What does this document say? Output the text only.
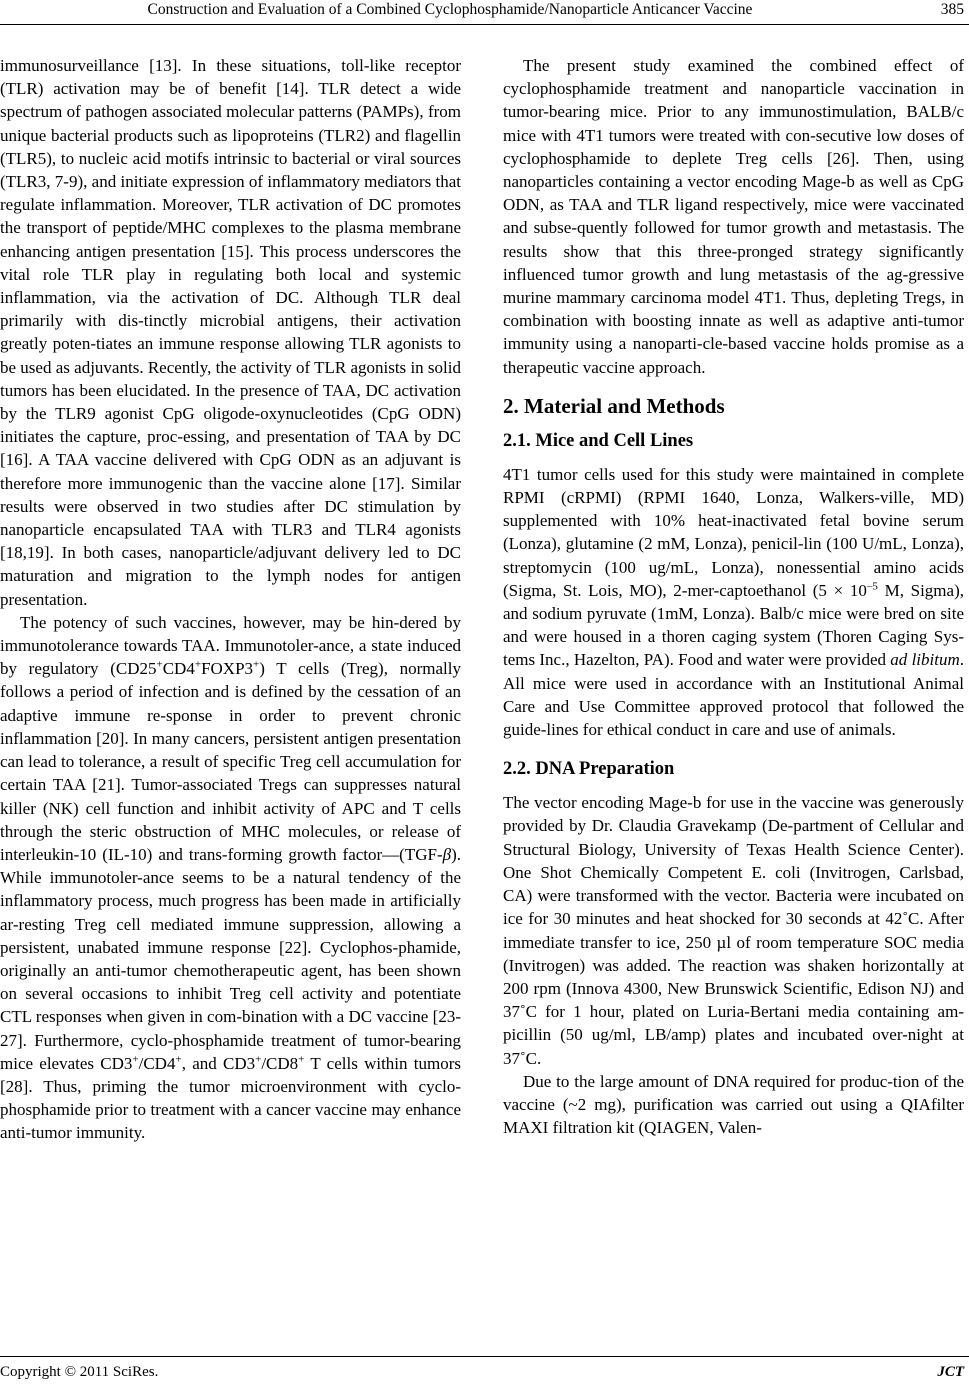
Construction and Evaluation of a Combined Cyclophosphamide/Nanoparticle Anticancer Vaccine	385

immunosurveillance [13]. In these situations, toll-like receptor (TLR) activation may be of benefit [14]. TLR detect a wide spectrum of pathogen associated molecular patterns (PAMPs), from unique bacterial products such as lipoproteins (TLR2) and flagellin (TLR5), to nucleic acid motifs intrinsic to bacterial or viral sources (TLR3, 7-9), and initiate expression of inflammatory mediators that regulate inflammation. Moreover, TLR activation of DC promotes the transport of peptide/MHC complexes to the plasma membrane enhancing antigen presentation [15]. This process underscores the vital role TLR play in regulating both local and systemic inflammation, via the activation of DC. Although TLR deal primarily with dis-tinctly microbial antigens, their activation greatly poten-tiates an immune response allowing TLR agonists to be used as adjuvants. Recently, the activity of TLR agonists in solid tumors has been elucidated. In the presence of TAA, DC activation by the TLR9 agonist CpG oligode-oxynucleotides (CpG ODN) initiates the capture, proc-essing, and presentation of TAA by DC [16]. A TAA vaccine delivered with CpG ODN as an adjuvant is therefore more immunogenic than the vaccine alone [17]. Similar results were observed in two studies after DC stimulation by nanoparticle encapsulated TAA with TLR3 and TLR4 agonists [18,19]. In both cases, nanoparticle/adjuvant delivery led to DC maturation and migration to the lymph nodes for antigen presentation.

The potency of such vaccines, however, may be hin-dered by immunotolerance towards TAA. Immunotoler-ance, a state induced by regulatory (CD25+CD4+FOXP3+) T cells (Treg), normally follows a period of infection and is defined by the cessation of an adaptive immune re-sponse in order to prevent chronic inflammation [20]. In many cancers, persistent antigen presentation can lead to tolerance, a result of specific Treg cell accumulation for certain TAA [21]. Tumor-associated Tregs can suppresses natural killer (NK) cell function and inhibit activity of APC and T cells through the steric obstruction of MHC molecules, or release of interleukin-10 (IL-10) and trans-forming growth factor—(TGF-β). While immunotoler-ance seems to be a natural tendency of the inflammatory process, much progress has been made in artificially ar-resting Treg cell mediated immune suppression, allowing a persistent, unabated immune response [22]. Cyclophos-phamide, originally an anti-tumor chemotherapeutic agent, has been shown on several occasions to inhibit Treg cell activity and potentiate CTL responses when given in com-bination with a DC vaccine [23-27]. Furthermore, cyclo-phosphamide treatment of tumor-bearing mice elevates CD3+/CD4+, and CD3+/CD8+ T cells within tumors [28]. Thus, priming the tumor microenvironment with cyclo-phosphamide prior to treatment with a cancer vaccine may enhance anti-tumor immunity.

The present study examined the combined effect of cyclophosphamide treatment and nanoparticle vaccination in tumor-bearing mice. Prior to any immunostimulation, BALB/c mice with 4T1 tumors were treated with con-secutive low doses of cyclophosphamide to deplete Treg cells [26]. Then, using nanoparticles containing a vector encoding Mage-b as well as CpG ODN, as TAA and TLR ligand respectively, mice were vaccinated and subse-quently followed for tumor growth and metastasis. The results show that this three-pronged strategy significantly influenced tumor growth and lung metastasis of the ag-gressive murine mammary carcinoma model 4T1. Thus, depleting Tregs, in combination with boosting innate as well as adaptive anti-tumor immunity using a nanoparti-cle-based vaccine holds promise as a therapeutic vaccine approach.

2. Material and Methods
2.1. Mice and Cell Lines

4T1 tumor cells used for this study were maintained in complete RPMI (cRPMI) (RPMI 1640, Lonza, Walkers-ville, MD) supplemented with 10% heat-inactivated fetal bovine serum (Lonza), glutamine (2 mM, Lonza), penicil-lin (100 U/mL, Lonza), streptomycin (100 ug/mL, Lonza), nonessential amino acids (Sigma, St. Lois, MO), 2-mer-captoethanol ($5 \times 10^{-5}$ M, Sigma), and sodium pyruvate (1mM, Lonza). Balb/c mice were bred on site and were housed in a thoren caging system (Thoren Caging Sys-tems Inc., Hazelton, PA). Food and water were provided ad libitum. All mice were used in accordance with an Institutional Animal Care and Use Committee approved protocol that followed the guide-lines for ethical conduct in care and use of animals.

2.2. DNA Preparation

The vector encoding Mage-b for use in the vaccine was generously provided by Dr. Claudia Gravekamp (De-partment of Cellular and Structural Biology, University of Texas Health Science Center). One Shot Chemically Competent E. coli (Invitrogen, Carlsbad, CA) were transformed with the vector. Bacteria were incubated on ice for 30 minutes and heat shocked for 30 seconds at 42˚C. After immediate transfer to ice, 250 µl of room temperature SOC media (Invitrogen) was added. The reaction was shaken horizontally at 200 rpm (Innova 4300, New Brunswick Scientific, Edison NJ) and 37˚C for 1 hour, plated on Luria-Bertani media containing am-picillin (50 ug/ml, LB/amp) plates and incubated over-night at 37˚C.

Due to the large amount of DNA required for produc-tion of the vaccine (~2 mg), purification was carried out using a QIAfilter MAXI filtration kit (QIAGEN, Valen-

Copyright © 2011 SciRes.	JCT
